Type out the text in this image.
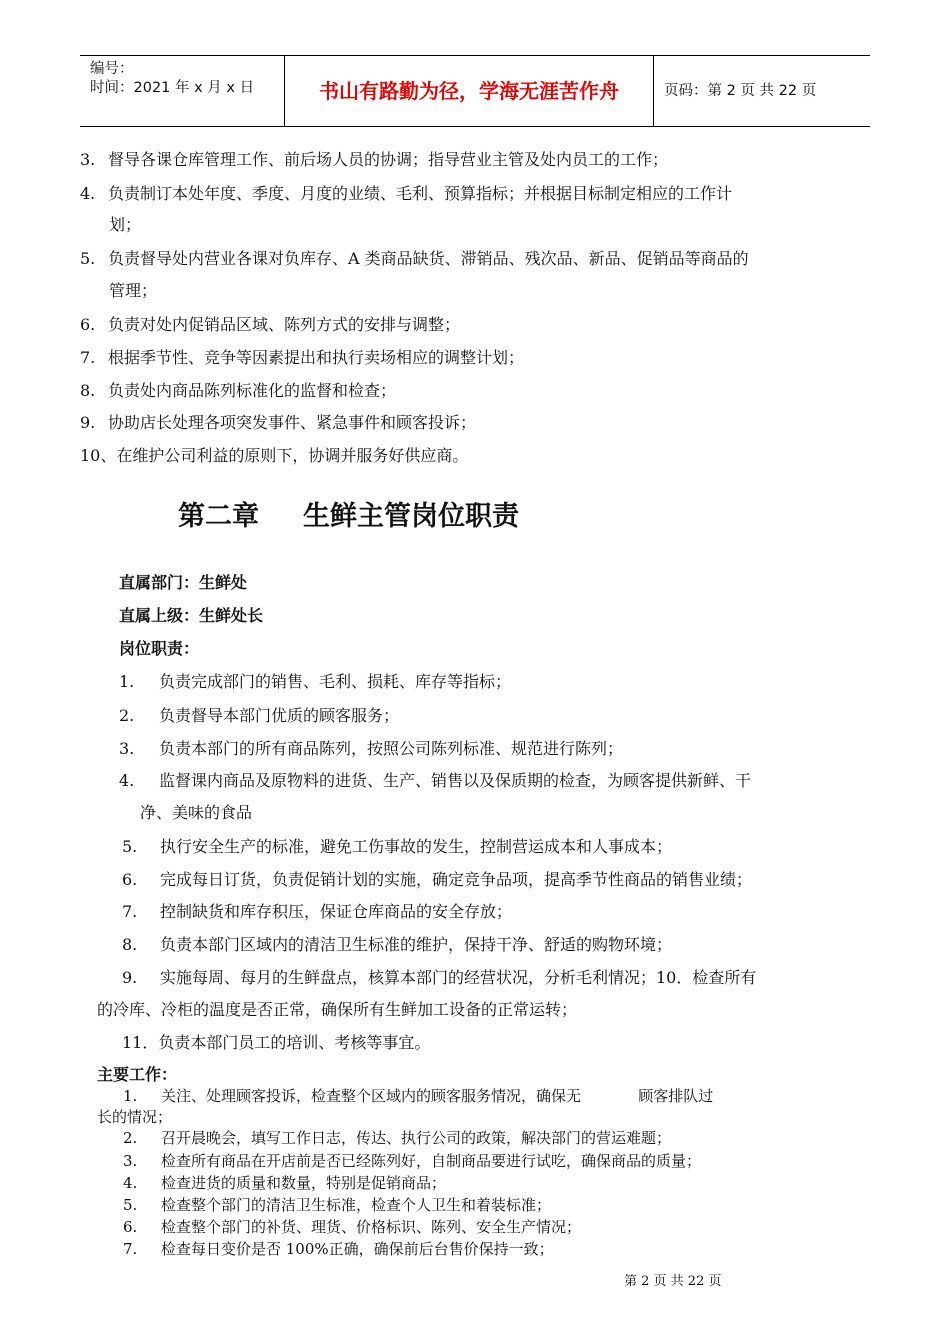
编号：
时间：2021 年 x 月 x 日	书山有路勤为径，学海无涯苦作舟	页码：第 2 页 共 22 页
3. 督导各课仓库管理工作、前后场人员的协调；指导营业主管及处内员工的工作；
4. 负责制订本处年度、季度、月度的业绩、毛利、预算指标；并根据目标制定相应的工作计
划；
5. 负责督导处内营业各课对负库存、A 类商品缺货、滞销品、残次品、新品、促销品等商品的
管理；
6. 负责对处内促销品区域、陈列方式的安排与调整；
7. 根据季节性、竞争等因素提出和执行卖场相应的调整计划；
8. 负责处内商品陈列标准化的监督和检查；
9. 协助店长处理各项突发事件、紧急事件和顾客投诉；
10、在维护公司利益的原则下，协调并服务好供应商。
第二章 生鲜主管岗位职责
直属部门：生鲜处
直属上级：生鲜处长
岗位职责：
1. 负责完成部门的销售、毛利、损耗、库存等指标；
2. 负责督导本部门优质的顾客服务；
3. 负责本部门的所有商品陈列，按照公司陈列标准、规范进行陈列；
4. 监督课内商品及原物料的进货、生产、销售以及保质期的检查，为顾客提供新鲜、干
净、美味的食品
5. 执行安全生产的标准，避免工伤事故的发生，控制营运成本和人事成本；
6. 完成每日订货，负责促销计划的实施，确定竞争品项，提高季节性商品的销售业绩；
7. 控制缺货和库存积压，保证仓库商品的安全存放；
8. 负责本部门区域内的清洁卫生标准的维护，保持干净、舒适的购物环境；
9. 实施每周、每月的生鲜盘点，核算本部门的经营状况，分析毛利情况；10．检查所有
的冷库、冷柜的温度是否正常，确保所有生鲜加工设备的正常运转；
11．负责本部门员工的培训、考核等事宜。
主要工作：
1. 关注、处理顾客投诉，检查整个区域内的顾客服务情况，确保无            顾客排队过
长的情况；
2. 召开晨晚会，填写工作日志，传达、执行公司的政策，解决部门的营运难题；
3. 检查所有商品在开店前是否已经陈列好，自制商品要进行试吃，确保商品的质量；
4. 检查进货的质量和数量，特别是促销商品；
5. 检查整个部门的清洁卫生标准，检查个人卫生和着装标准；
6. 检查整个部门的补货、理货、价格标识、陈列、安全生产情况；
7. 检查每日变价是否 100%正确，确保前后台售价保持一致；
第 2 页 共 22 页
